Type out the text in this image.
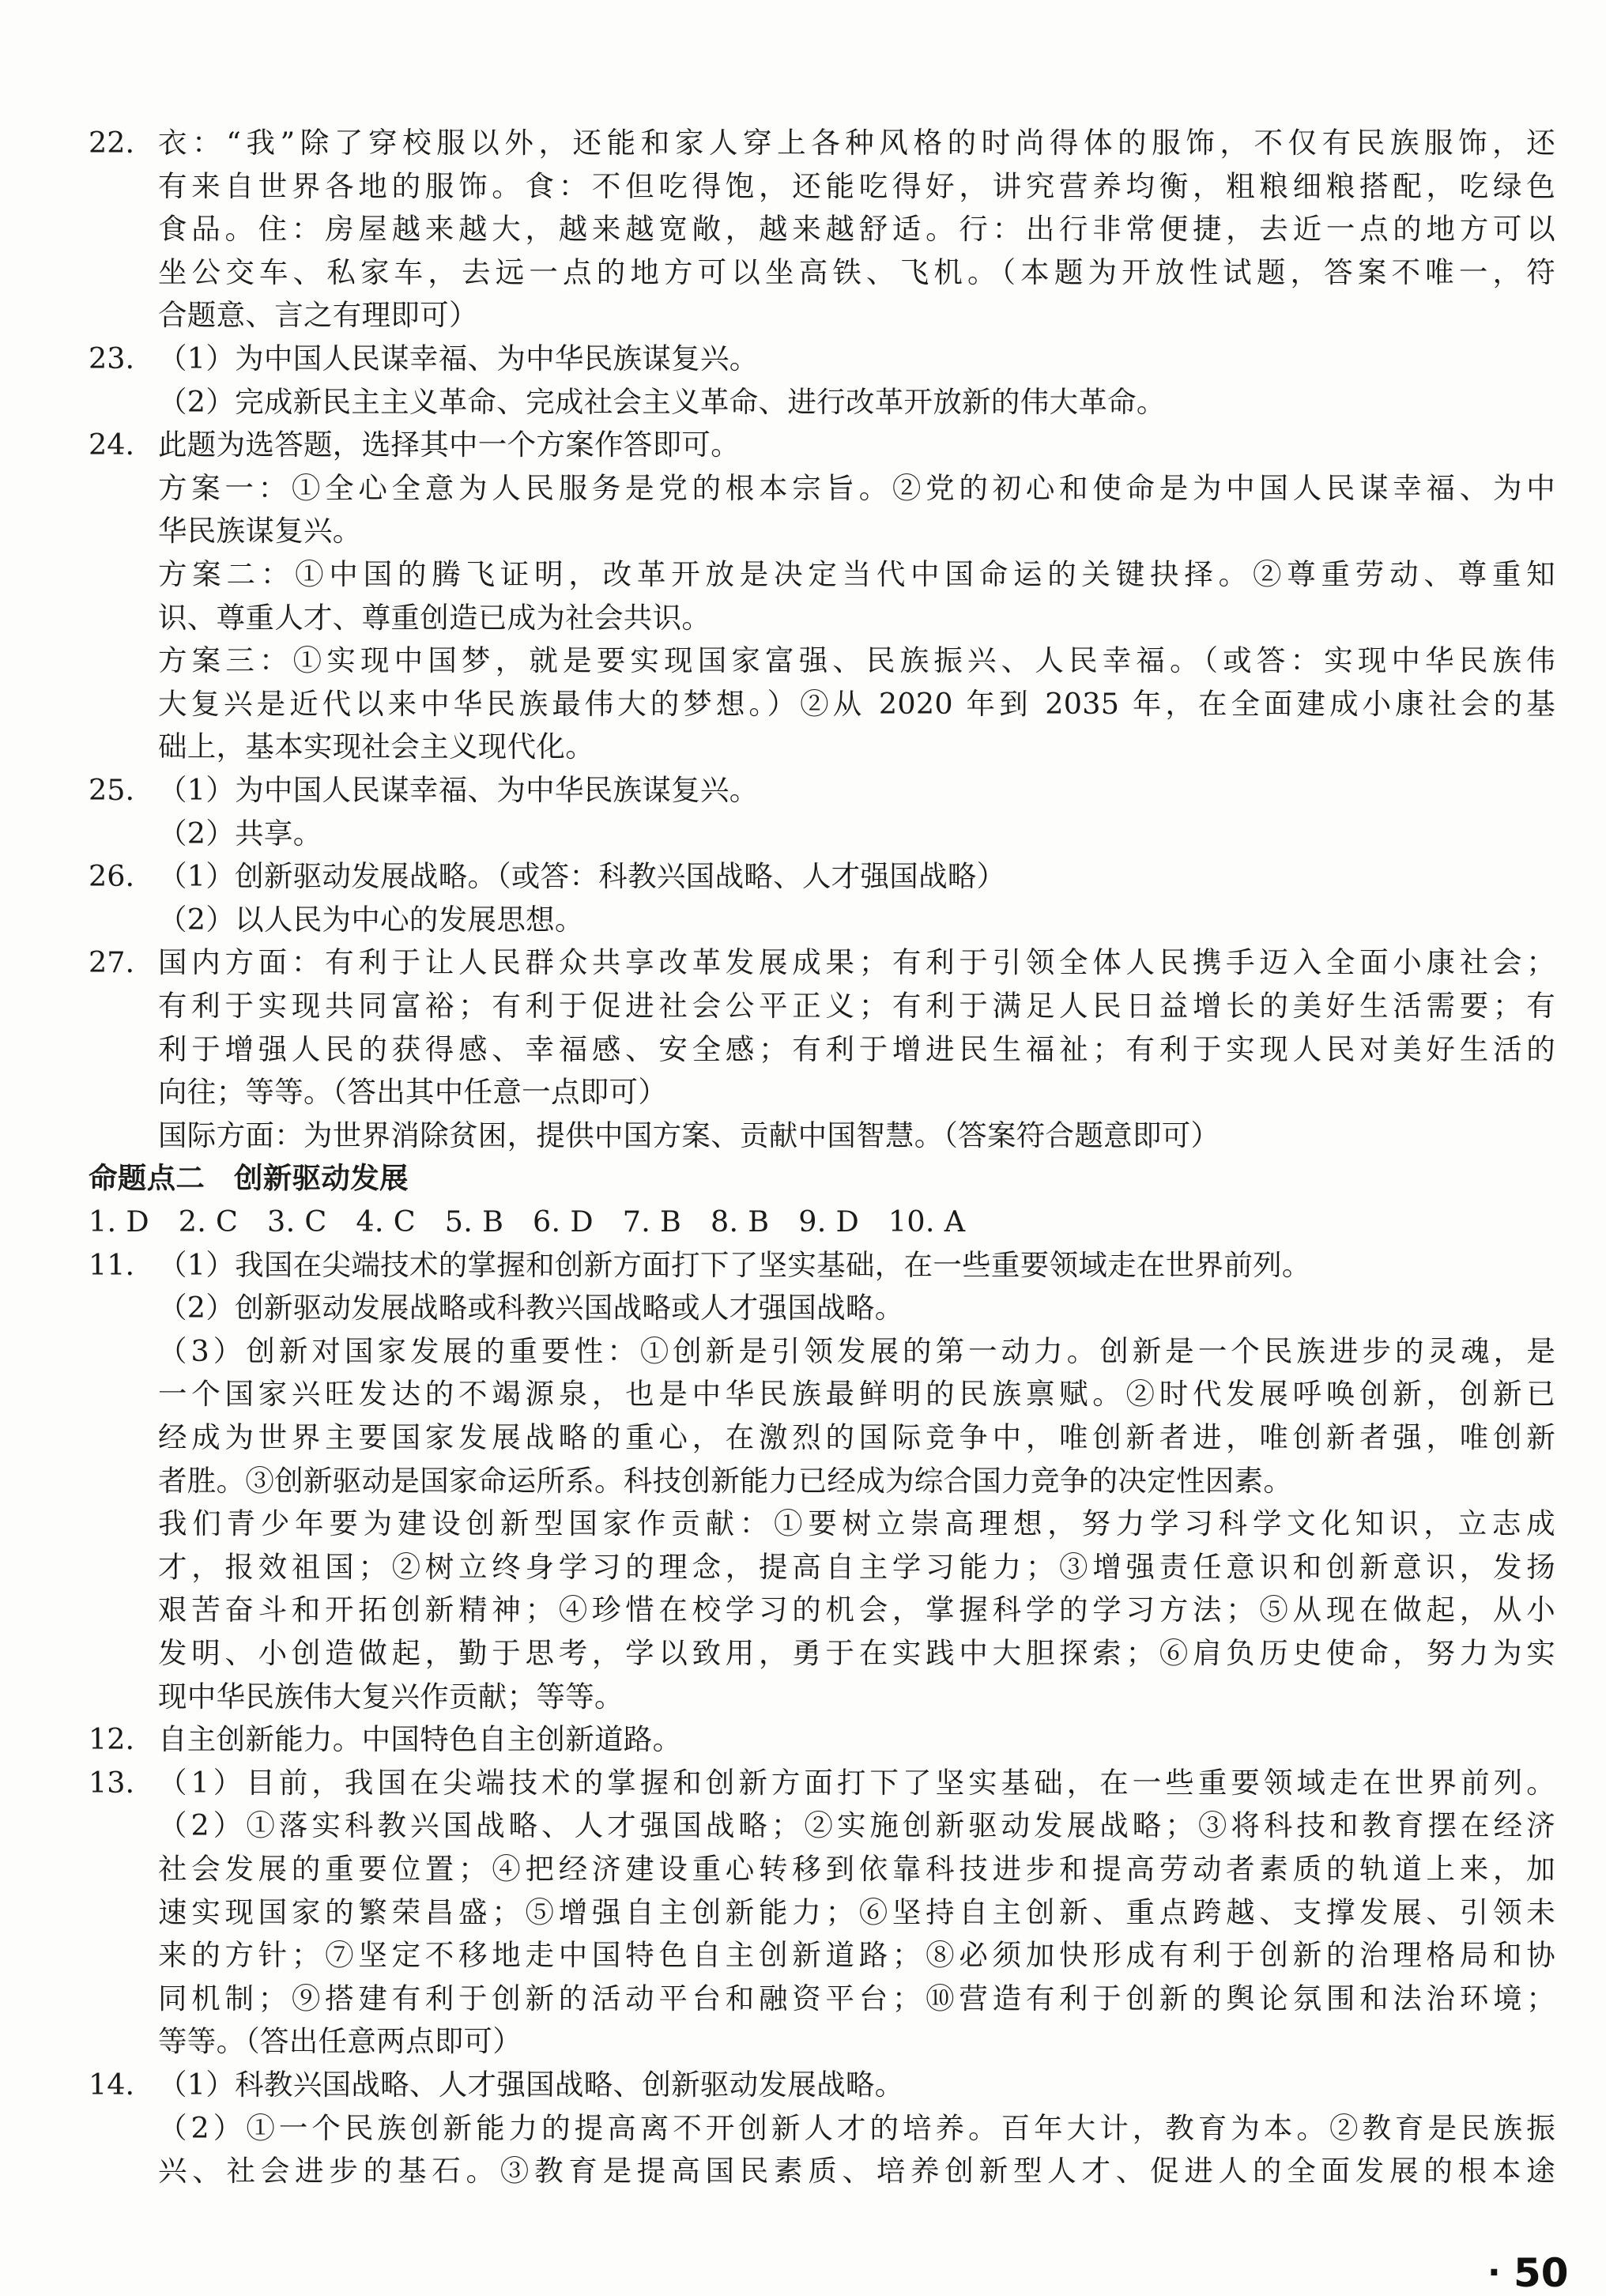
22. 衣：“我”除了穿校服以外，还能和家人穿上各种风格的时尚得体的服饰，不仅有民族服饰，还
有来自世界各地的服饰。食：不但吃得饱，还能吃得好，讲究营养均衡，粗粮细粮搭配，吃绿色
食品。住：房屋越来越大，越来越宽敞，越来越舒适。行：出行非常便捷，去近一点的地方可以
坐公交车、私家车，去远一点的地方可以坐高铁、飞机。（本题为开放性试题，答案不唯一，符
合题意、言之有理即可）
23. （1）为中国人民谋幸福、为中华民族谋复兴。
（2）完成新民主主义革命、完成社会主义革命、进行改革开放新的伟大革命。
24. 此题为选答题，选择其中一个方案作答即可。
方案一：①全心全意为人民服务是党的根本宗旨。②党的初心和使命是为中国人民谋幸福、为中
华民族谋复兴。
方案二：①中国的腾飞证明，改革开放是决定当代中国命运的关键抉择。②尊重劳动、尊重知
识、尊重人才、尊重创造已成为社会共识。
方案三：①实现中国梦，就是要实现国家富强、民族振兴、人民幸福。（或答：实现中华民族伟
大复兴是近代以来中华民族最伟大的梦想。）②从 2020 年到 2035 年，在全面建成小康社会的基
础上，基本实现社会主义现代化。
25. （1）为中国人民谋幸福、为中华民族谋复兴。
（2）共享。
26. （1）创新驱动发展战略。（或答：科教兴国战略、人才强国战略）
（2）以人民为中心的发展思想。
27. 国内方面：有利于让人民群众共享改革发展成果；有利于引领全体人民携手迈入全面小康社会；
有利于实现共同富裕；有利于促进社会公平正义；有利于满足人民日益增长的美好生活需要；有
利于增强人民的获得感、幸福感、安全感；有利于增进民生福祉；有利于实现人民对美好生活的
向往；等等。（答出其中任意一点即可）
国际方面：为世界消除贫困，提供中国方案、贡献中国智慧。（答案符合题意即可）
命题点二　创新驱动发展
1. D　2. C　3. C　4. C　5. B　6. D　7. B　8. B　9. D　10. A
11. （1）我国在尖端技术的掌握和创新方面打下了坚实基础，在一些重要领域走在世界前列。
（2）创新驱动发展战略或科教兴国战略或人才强国战略。
（3）创新对国家发展的重要性：①创新是引领发展的第一动力。创新是一个民族进步的灵魂，是
一个国家兴旺发达的不竭源泉，也是中华民族最鲜明的民族禀赋。②时代发展呼唤创新，创新已
经成为世界主要国家发展战略的重心，在激烈的国际竞争中，唯创新者进，唯创新者强，唯创新
者胜。③创新驱动是国家命运所系。科技创新能力已经成为综合国力竞争的决定性因素。
我们青少年要为建设创新型国家作贡献：①要树立崇高理想，努力学习科学文化知识，立志成
才，报效祖国；②树立终身学习的理念，提高自主学习能力；③增强责任意识和创新意识，发扬
艰苦奋斗和开拓创新精神；④珍惜在校学习的机会，掌握科学的学习方法；⑤从现在做起，从小
发明、小创造做起，勤于思考，学以致用，勇于在实践中大胆探索；⑥肩负历史使命，努力为实
现中华民族伟大复兴作贡献；等等。
12. 自主创新能力。中国特色自主创新道路。
13. （1）目前，我国在尖端技术的掌握和创新方面打下了坚实基础，在一些重要领域走在世界前列。
（2）①落实科教兴国战略、人才强国战略；②实施创新驱动发展战略；③将科技和教育摆在经济
社会发展的重要位置；④把经济建设重心转移到依靠科技进步和提高劳动者素质的轨道上来，加
速实现国家的繁荣昌盛；⑤增强自主创新能力；⑥坚持自主创新、重点跨越、支撑发展、引领未
来的方针；⑦坚定不移地走中国特色自主创新道路；⑧必须加快形成有利于创新的治理格局和协
同机制；⑨搭建有利于创新的活动平台和融资平台；⑩营造有利于创新的舆论氛围和法治环境；
等等。（答出任意两点即可）
14. （1）科教兴国战略、人才强国战略、创新驱动发展战略。
（2）①一个民族创新能力的提高离不开创新人才的培养。百年大计，教育为本。②教育是民族振
兴、社会进步的基石。③教育是提高国民素质、培养创新型人才、促进人的全面发展的根本途
· 50
